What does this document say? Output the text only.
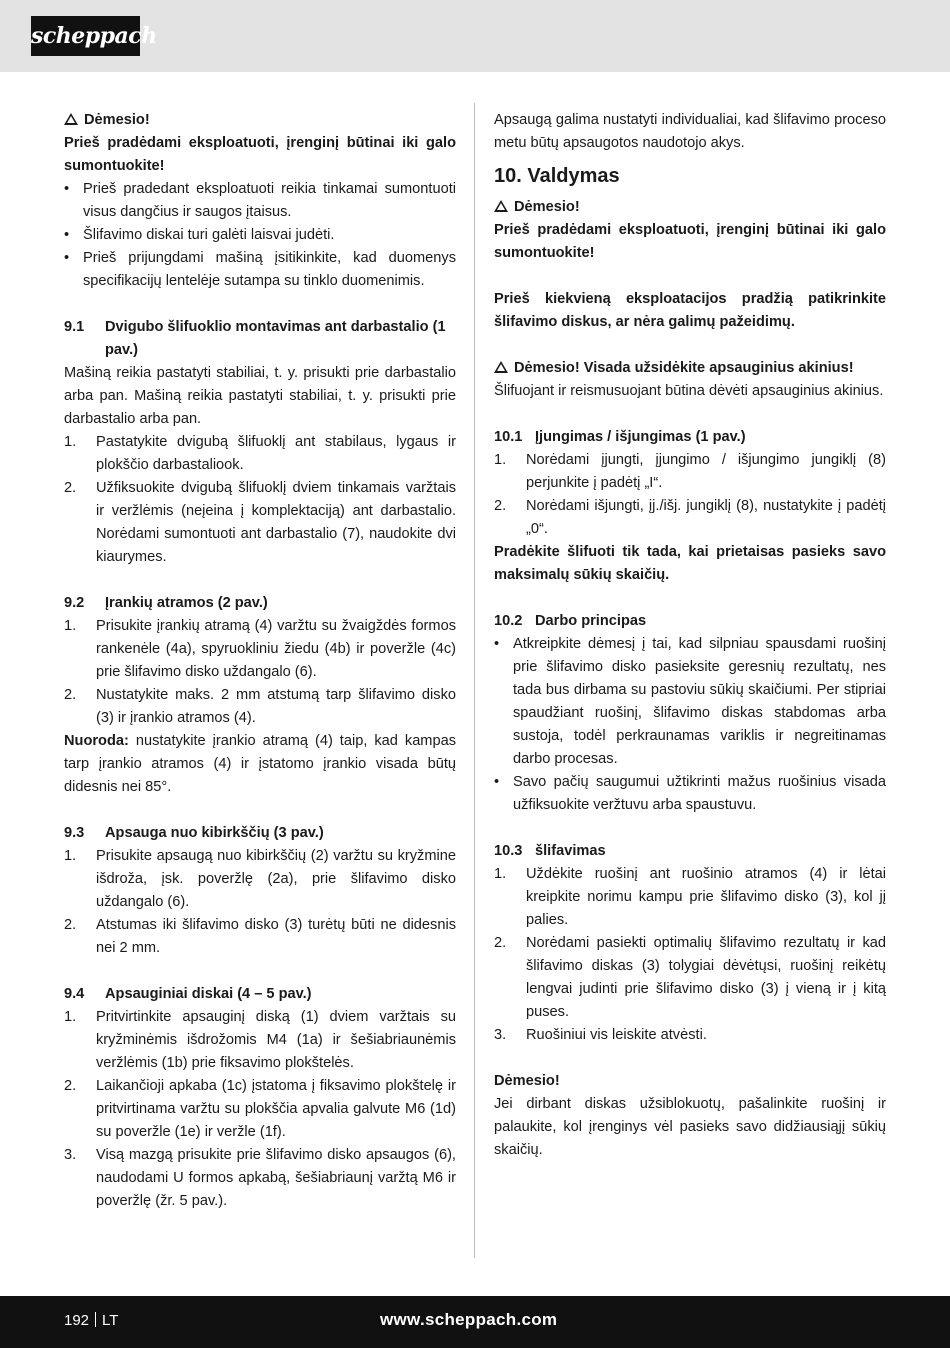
scheppach

Dėmesio!

Prieš pradėdami eksploatuoti, įrenginį būtinai iki galo sumontuokite!

• Prieš pradedant eksploatuoti reikia tinkamai sumontuoti visus dangčius ir saugos įtaisus.
• Šlifavimo diskai turi galėti laisvai judėti.
• Prieš prijungdami mašiną įsitikinkite, kad duomenys specifikacijų lentelėje sutampa su tinklo duomenimis.
9.1	Dvigubo šlifuoklio montavimas ant darbastalio (1 pav.)

Mašiną reikia pastatyti stabiliai, t. y. prisukti prie darbastalio arba pan. Mašiną reikia pastatyti stabiliai, t. y. prisukti prie darbastalio arba pan.

1. Pastatykite dvigubą šlifuoklį ant stabilaus, lygaus ir plokščio darbastaliook.
2. Užfiksuokite dvigubą šlifuoklį dviem tinkamais varžtais ir veržlėmis (neįeina į komplektaciją) ant darbastalio. Norėdami sumontuoti ant darbastalio (7), naudokite dvi kiaurymes.
9.2	Įrankių atramos (2 pav.)
1. Prisukite įrankių atramą (4) varžtu su žvaigždės formos rankenėle (4a), spyruokliniu žiedu (4b) ir poveržle (4c) prie šlifavimo disko uždangalo (6).
2. Nustatykite maks. 2 mm atstumą tarp šlifavimo disko (3) ir įrankio atramos (4).

Nuoroda: nustatykite įrankio atramą (4) taip, kad kampas tarp įrankio atramos (4) ir įstatomo įrankio visada būtų didesnis nei 85°.

9.3	Apsauga nuo kibirkščių (3 pav.)
1. Prisukite apsaugą nuo kibirkščių (2) varžtu su kryžmine išdroža, įsk. poveržlę (2a), prie šlifavimo disko uždangalo (6).
2. Atstumas iki šlifavimo disko (3) turėtų būti ne didesnis nei 2 mm.
9.4	Apsauginiai diskai (4 – 5 pav.)
1. Pritvirtinkite apsauginį diską (1) dviem varžtais su kryžminėmis išdrožomis M4 (1a) ir šešiabriaunėmis veržlėmis (1b) prie fiksavimo plokštelės.
2. Laikančioji apkaba (1c) įstatoma į fiksavimo plokštelę ir pritvirtinama varžtu su plokščia apvalia galvute M6 (1d) su poveržle (1e) ir veržle (1f).
3. Visą mazgą prisukite prie šlifavimo disko apsaugos (6), naudodami U formos apkabą, šešiabriaunį varžtą M6 ir poveržlę (žr. 5 pav.).

Apsaugą galima nustatyti individualiai, kad šlifavimo proceso metu būtų apsaugotos naudotojo akys.

10. Valdymas

Dėmesio!

Prieš pradėdami eksploatuoti, įrenginį būtinai iki galo sumontuokite!

Prieš kiekvieną eksploatacijos pradžią patikrinkite šlifavimo diskus, ar nėra galimų pažeidimų.

Dėmesio! Visada užsidėkite apsauginius akinius!

Šlifuojant ir reismusuojant būtina dėvėti apsauginius akinius.

10.1 Įjungimas / išjungimas (1 pav.)
1. Norėdami įjungti, įjungimo / išjungimo jungiklį (8) perjunkite į padėtį „I“.
2. Norėdami išjungti, įj./išj. jungiklį (8), nustatykite į padėtį „0“.

Pradėkite šlifuoti tik tada, kai prietaisas pasieks savo maksimalų sūkių skaičių.

10.2 Darbo principas
• Atkreipkite dėmesį į tai, kad silpniau spausdami ruošinį prie šlifavimo disko pasieksite geresnių rezultatų, nes tada bus dirbama su pastoviu sūkių skaičiumi. Per stipriai spaudžiant ruošinį, šlifavimo diskas stabdomas arba sustoja, todėl perkraunamas variklis ir negreitinamas darbo procesas.
• Savo pačių saugumui užtikrinti mažus ruošinius visada užfiksuokite veržtuvu arba spaustuvu.
10.3 šlifavimas
1. Uždėkite ruošinį ant ruošinio atramos (4) ir lėtai kreipkite norimu kampu prie šlifavimo disko (3), kol jį palies.
2. Norėdami pasiekti optimalių šlifavimo rezultatų ir kad šlifavimo diskas (3) tolygiai dėvėtųsi, ruošinį reikėtų lengvai judinti prie šlifavimo disko (3) į vieną ir į kitą puses.
3. Ruošiniui vis leiskite atvėsti.

Dėmesio!

Jei dirbant diskas užsiblokuotų, pašalinkite ruošinį ir palaukite, kol įrenginys vėl pasieks savo didžiausiąjį sūkių skaičių.

192 LT	www.scheppach.com
